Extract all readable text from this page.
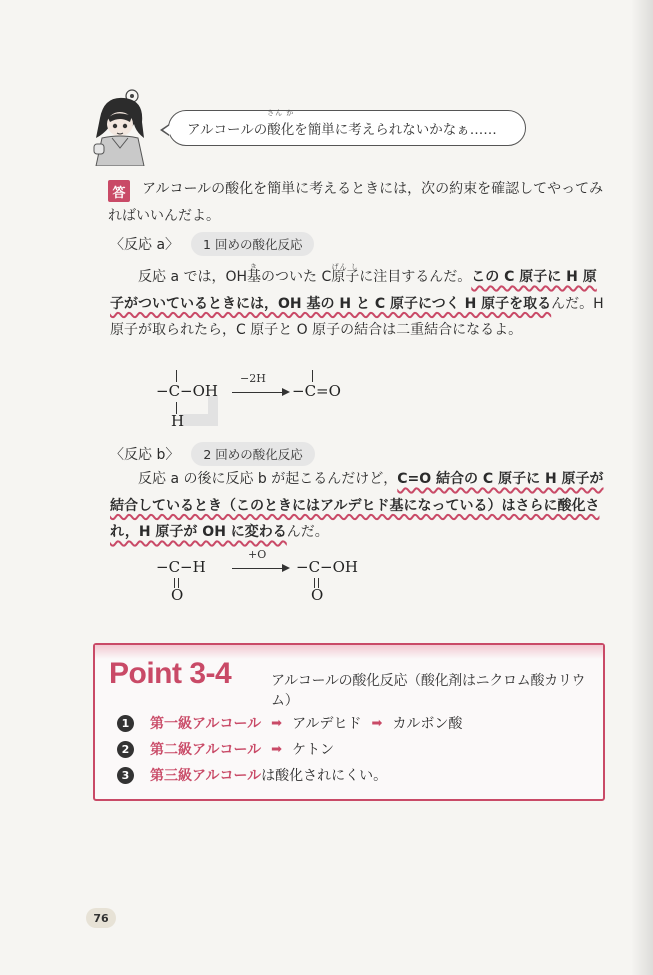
アルコールの
さん か
酸化 を簡単に考えられないかなぁ……
答	アルコールの酸化を簡単に考えるときには，次の約束を確認してやってみればいいんだよ。
〈反応 a〉	1 回めの酸化反応
反応 a では，OH
き
基のついた C
げん し
原子に注目するんだ。この C 原子に H 原子がついているときには，OH 基の H と C 原子につく H 原子を取るんだ。H 原子が取られたら，C 原子と O 原子の結合は二重結合になるよ。
−C−OH
H
−2H
−C=O
〈反応 b〉	2 回めの酸化反応
反応 a の後に反応 b が起こるんだけど，C=O 結合の C 原子に H 原子が結合しているとき（このときにはアルデヒド基になっている）はさらに酸化され，H 原子が OH に変わるんだ。
−C−H
O
+O
−C−OH
O
Point 3-4	アルコールの酸化反応（酸化剤はニクロム酸カリウム）
1	第一級アルコール ➡ アルデヒド ➡ カルボン酸
2	第二級アルコール ➡ ケトン
3	第三級アルコール は酸化されにくい。
76
